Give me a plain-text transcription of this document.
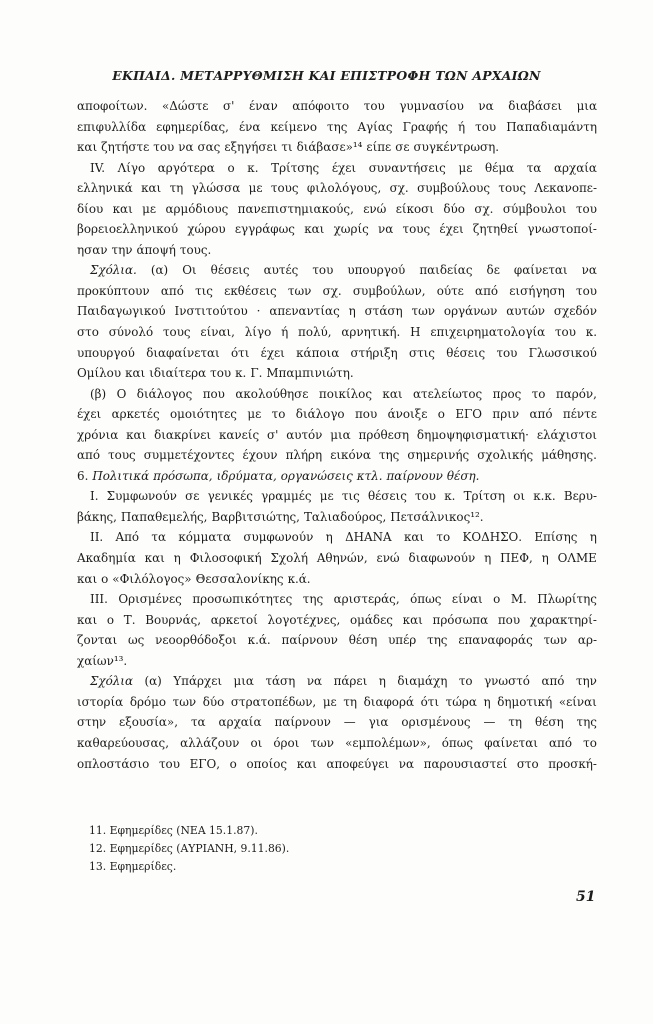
ΕΚΠΑΙΔ. ΜΕΤΑΡΡΥΘΜΙΣΗ ΚΑΙ ΕΠΙΣΤΡΟΦΗ ΤΩΝ ΑΡΧΑΙΩΝ
αποφοίτων. «Δώστε σ' έναν απόφοιτο του γυμνασίου να διαβάσει μια
επιφυλλίδα εφημερίδας, ένα κείμενο της Αγίας Γραφής ή του Παπαδιαμάντη
και ζητήστε του να σας εξηγήσει τι διάβασε»¹⁴ είπε σε συγκέντρωση.
IV. Λίγο αργότερα ο κ. Τρίτσης έχει συναντήσεις με θέμα τα αρχαία
ελληνικά και τη γλώσσα με τους φιλολόγους, σχ. συμβούλους τους Λεκανοπε-
δίου και με αρμόδιους πανεπιστημιακούς, ενώ είκοσι δύο σχ. σύμβουλοι του
βορειοελληνικού χώρου εγγράφως και χωρίς να τους έχει ζητηθεί γνωστοποί-
ησαν την άποψή τους.
Σχόλια. (α) Οι θέσεις αυτές του υπουργού παιδείας δε φαίνεται να
προκύπτουν από τις εκθέσεις των σχ. συμβούλων, ούτε από εισήγηση του
Παιδαγωγικού Ινστιτούτου · απεναντίας η στάση των οργάνων αυτών σχεδόν
στο σύνολό τους είναι, λίγο ή πολύ, αρνητική. Η επιχειρηματολογία του κ.
υπουργού διαφαίνεται ότι έχει κάποια στήριξη στις θέσεις του Γλωσσικού
Ομίλου και ιδιαίτερα του κ. Γ. Μπαμπινιώτη.
(β) Ο διάλογος που ακολούθησε ποικίλος και ατελείωτος προς το παρόν,
έχει αρκετές ομοιότητες με το διάλογο που άνοιξε ο ΕΓΟ πριν από πέντε
χρόνια και διακρίνει κανείς σ' αυτόν μια πρόθεση δημοψηφισματική· ελάχιστοι
από τους συμμετέχοντες έχουν πλήρη εικόνα της σημερινής σχολικής μάθησης.
6. Πολιτικά πρόσωπα, ιδρύματα, οργανώσεις κτλ. παίρνουν θέση.
Ι. Συμφωνούν σε γενικές γραμμές με τις θέσεις του κ. Τρίτση οι κ.κ. Βερυ-
βάκης, Παπαθεμελής, Βαρβιτσιώτης, Ταλιαδούρος, Πετσάλνικος¹².
ΙΙ. Από τα κόμματα συμφωνούν η ΔΗΑΝΑ και το ΚΟΔΗΣΟ. Επίσης η
Ακαδημία και η Φιλοσοφική Σχολή Αθηνών, ενώ διαφωνούν η ΠΕΦ, η ΟΛΜΕ
και ο «Φιλόλογος» Θεσσαλονίκης κ.ά.
ΙΙΙ. Ορισμένες προσωπικότητες της αριστεράς, όπως είναι ο Μ. Πλωρίτης
και ο Τ. Βουρνάς, αρκετοί λογοτέχνες, ομάδες και πρόσωπα που χαρακτηρί-
ζονται ως νεοορθόδοξοι κ.ά. παίρνουν θέση υπέρ της επαναφοράς των αρ-
χαίων¹³.
Σχόλια (α) Υπάρχει μια τάση να πάρει η διαμάχη το γνωστό από την
ιστορία δρόμο των δύο στρατοπέδων, με τη διαφορά ότι τώρα η δημοτική «είναι
στην εξουσία», τα αρχαία παίρνουν — για ορισμένους — τη θέση της
καθαρεύουσας, αλλάζουν οι όροι των «εμπολέμων», όπως φαίνεται από το
οπλοστάσιο του ΕΓΟ, ο οποίος και αποφεύγει να παρουσιαστεί στο προσκή-
11. Εφημερίδες (ΝΕΑ 15.1.87).
12. Εφημερίδες (ΑΥΡΙΑΝΗ, 9.11.86).
13. Εφημερίδες.
51
